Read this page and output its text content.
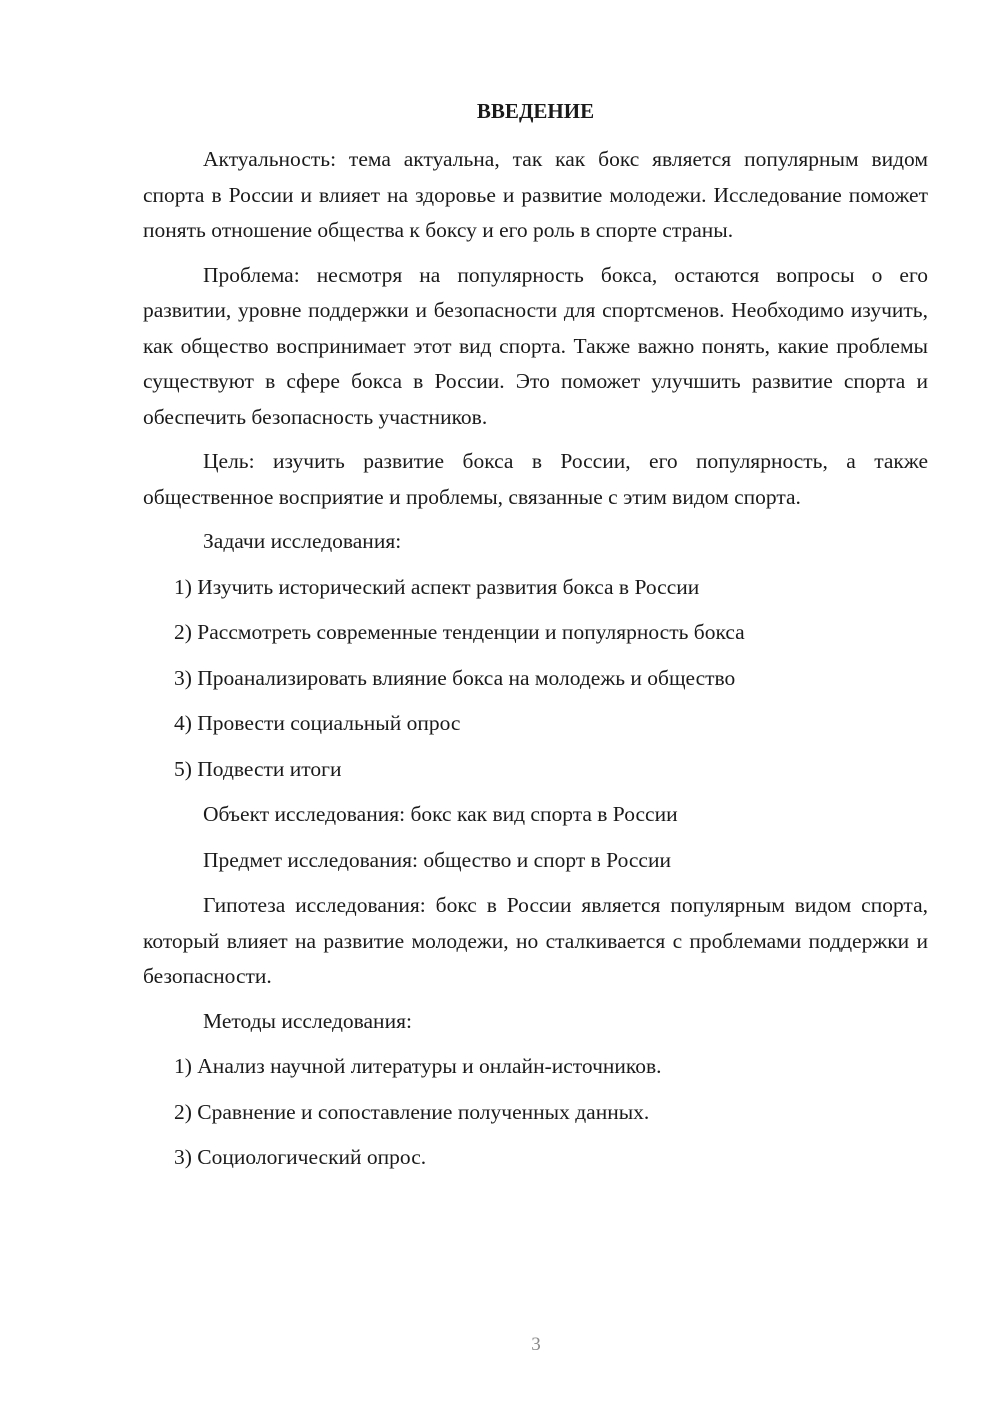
ВВЕДЕНИЕ

Актуальность: тема актуальна, так как бокс является популярным видом спорта в России и влияет на здоровье и развитие молодежи. Исследование поможет понять отношение общества к боксу и его роль в спорте страны.

Проблема: несмотря на популярность бокса, остаются вопросы о его развитии, уровне поддержки и безопасности для спортсменов. Необходимо изучить, как общество воспринимает этот вид спорта. Также важно понять, какие проблемы существуют в сфере бокса в России. Это поможет улучшить развитие спорта и обеспечить безопасность участников.

Цель: изучить развитие бокса в России, его популярность, а также общественное восприятие и проблемы, связанные с этим видом спорта.

Задачи исследования:
1) Изучить исторический аспект развития бокса в России
2) Рассмотреть современные тенденции и популярность бокса
3) Проанализировать влияние бокса на молодежь и общество
4) Провести социальный опрос
5) Подвести итоги
Объект исследования: бокс как вид спорта в России
Предмет исследования: общество и спорт в России

Гипотеза исследования: бокс в России является популярным видом спорта, который влияет на развитие молодежи, но сталкивается с проблемами поддержки и безопасности.

Методы исследования:
1) Анализ научной литературы и онлайн-источников.
2) Сравнение и сопоставление полученных данных.
3) Социологический опрос.
3
